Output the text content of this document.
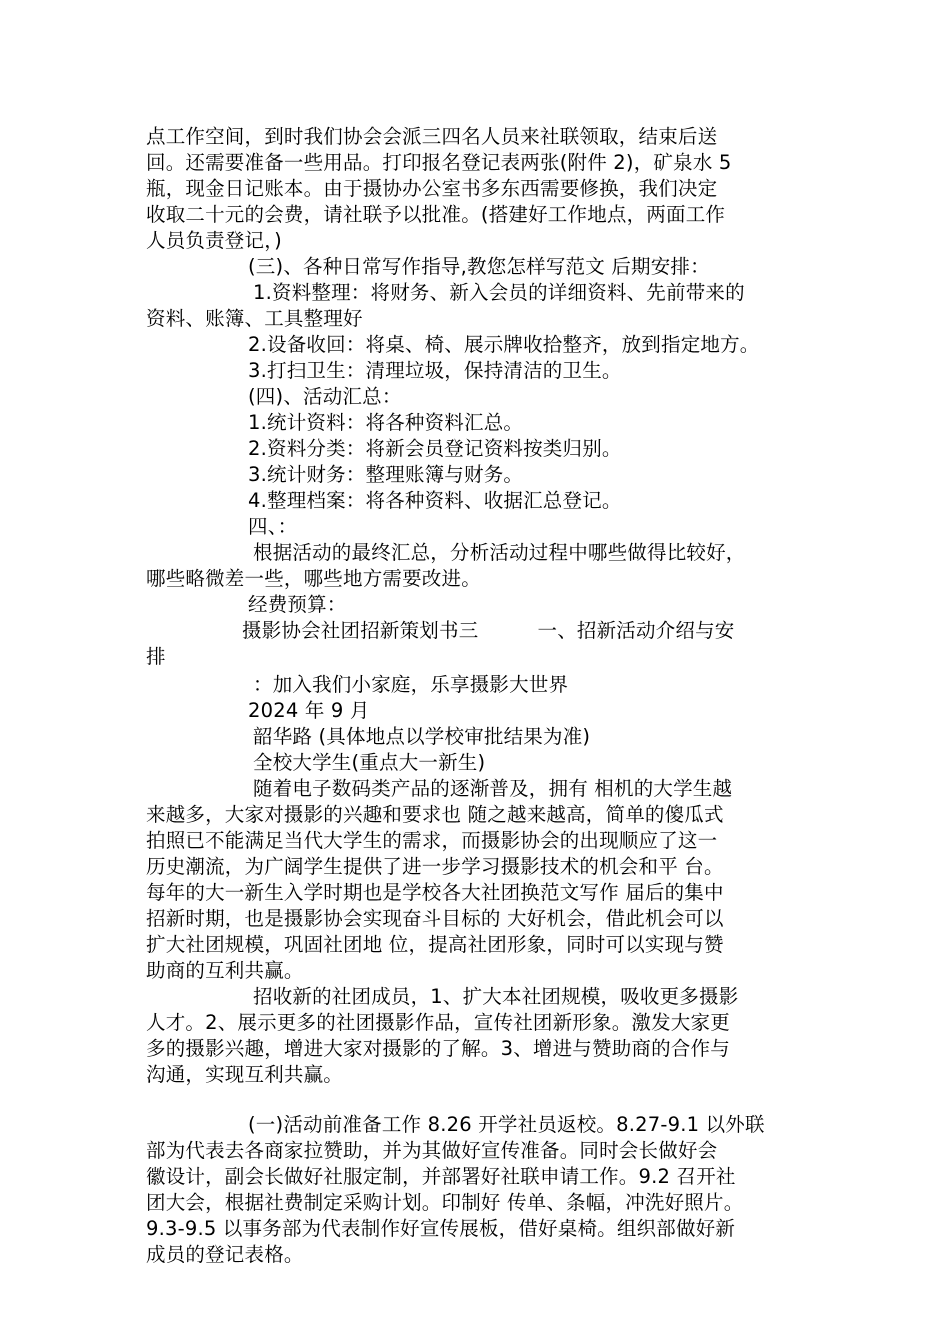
点工作空间，到时我们协会会派三四名人员来社联领取，结束后送
回。还需要准备一些用品。打印报名登记表两张(附件 2)，矿泉水 5
瓶，现金日记账本。由于摄协办公室书多东西需要修换，我们决定
收取二十元的会费，请社联予以批准。(搭建好工作地点，两面工作
人员负责登记，)
(三)、各种日常写作指导,教您怎样写范文 后期安排：
1.资料整理：将财务、新入会员的详细资料、先前带来的
资料、账簿、工具整理好
2.设备收回：将桌、椅、展示牌收拾整齐，放到指定地方。
3.打扫卫生：清理垃圾，保持清洁的卫生。
(四)、活动汇总：
1.统计资料：将各种资料汇总。
2.资料分类：将新会员登记资料按类归别。
3.统计财务：整理账簿与财务。
4.整理档案：将各种资料、收据汇总登记。
四、：
根据活动的最终汇总，分析活动过程中哪些做得比较好，
哪些略微差一些，哪些地方需要改进。
经费预算：
摄影协会社团招新策划书三　　　一、招新活动介绍与安
排
：加入我们小家庭，乐享摄影大世界
2024 年 9 月
韶华路 (具体地点以学校审批结果为准)
全校大学生(重点大一新生)
随着电子数码类产品的逐渐普及，拥有 相机的大学生越
来越多，大家对摄影的兴趣和要求也 随之越来越高，简单的傻瓜式
拍照已不能满足当代大学生的需求，而摄影协会的出现顺应了这一
历史潮流，为广阔学生提供了进一步学习摄影技术的机会和平 台。
每年的大一新生入学时期也是学校各大社团换范文写作 届后的集中
招新时期，也是摄影协会实现奋斗目标的 大好机会，借此机会可以
扩大社团规模，巩固社团地 位，提高社团形象，同时可以实现与赞
助商的互利共赢。
招收新的社团成员，1、扩大本社团规模，吸收更多摄影
人才。2、展示更多的社团摄影作品，宣传社团新形象。激发大家更
多的摄影兴趣，增进大家对摄影的了解。3、增进与赞助商的合作与
沟通，实现互利共赢。
(一)活动前准备工作 8.26 开学社员返校。8.27-9.1 以外联
部为代表去各商家拉赞助，并为其做好宣传准备。同时会长做好会
徽设计，副会长做好社服定制，并部署好社联申请工作。9.2 召开社
团大会，根据社费制定采购计划。印制好 传单、条幅，冲洗好照片。
9.3-9.5 以事务部为代表制作好宣传展板，借好桌椅。组织部做好新
成员的登记表格。
